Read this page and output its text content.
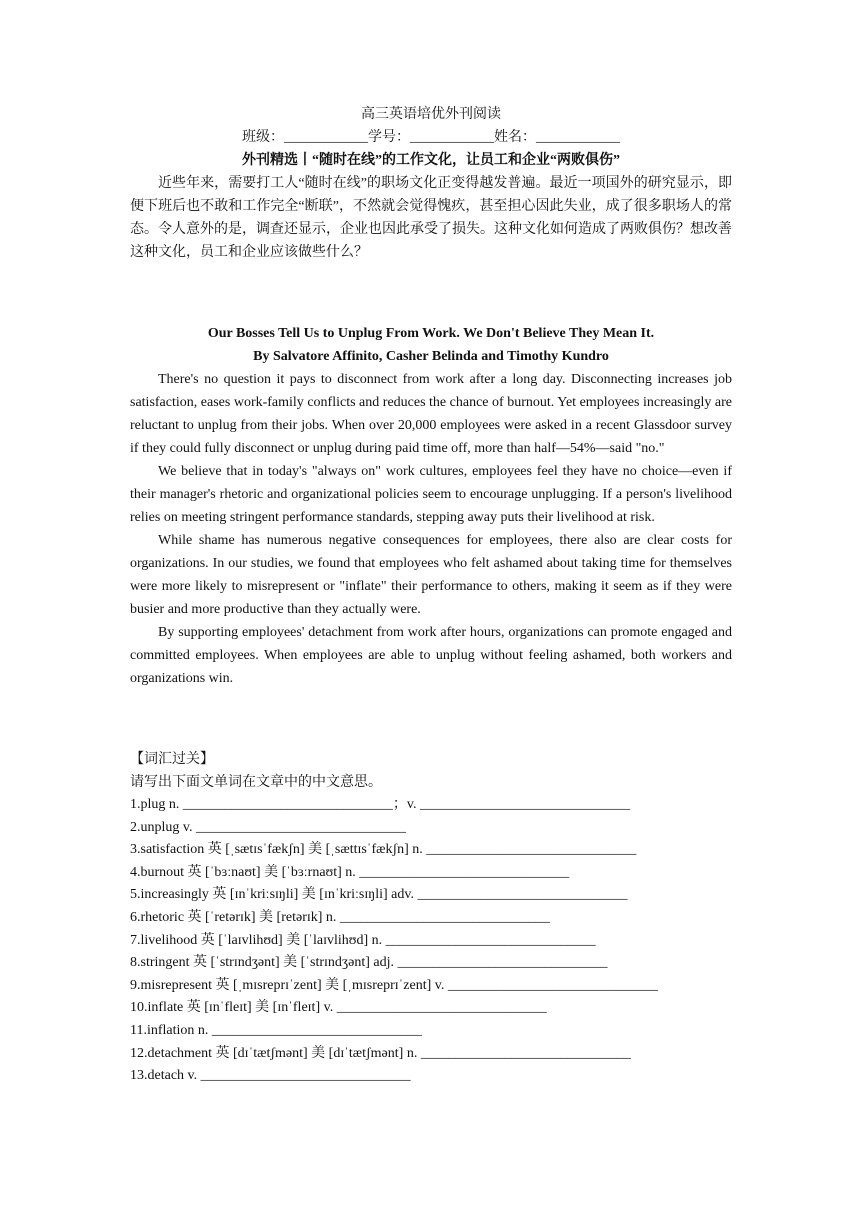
高三英语培优外刊阅读
班级：____________学号：____________姓名：____________
外刊精选丨“随时在线”的工作文化，让员工和企业“两败俱伤”
近些年来，需要打工人“随时在线”的职场文化正变得越发普遍。最近一项国外的研究显示，即便下班后也不敢和工作完全“断联”，不然就会觉得愧疚，甚至担心因此失业，成了很多职场人的常态。令人意外的是，调查还显示，企业也因此承受了损失。这种文化如何造成了两败俱伤？想改善这种文化，员工和企业应该做些什么？
Our Bosses Tell Us to Unplug From Work. We Don't Believe They Mean It.
By Salvatore Affinito, Casher Belinda and Timothy Kundro
There's no question it pays to disconnect from work after a long day. Disconnecting increases job satisfaction, eases work-family conflicts and reduces the chance of burnout. Yet employees increasingly are reluctant to unplug from their jobs. When over 20,000 employees were asked in a recent Glassdoor survey if they could fully disconnect or unplug during paid time off, more than half—54%—said "no."
We believe that in today's "always on" work cultures, employees feel they have no choice—even if their manager's rhetoric and organizational policies seem to encourage unplugging. If a person's livelihood relies on meeting stringent performance standards, stepping away puts their livelihood at risk.
While shame has numerous negative consequences for employees, there also are clear costs for organizations. In our studies, we found that employees who felt ashamed about taking time for themselves were more likely to misrepresent or "inflate" their performance to others, making it seem as if they were busier and more productive than they actually were.
By supporting employees' detachment from work after hours, organizations can promote engaged and committed employees. When employees are able to unplug without feeling ashamed, both workers and organizations win.
【词汇过关】
请写出下面文单词在文章中的中文意思。
1.plug n. ______________________________；v. ______________________________
2.unplug v. ______________________________
3.satisfaction 英 [ˌsætɪsˈfækʃn] 美 [ˌsættɪsˈfækʃn] n. ______________________________
4.burnout 英 [ˈbɜːnaʊt] 美 [ˈbɜːrnaʊt] n. ______________________________
5.increasingly 英 [ɪnˈkriːsɪŋli] 美 [ɪnˈkriːsɪŋli] adv. ______________________________
6.rhetoric 英 [ˈretərɪk] 美 [retərɪk] n. ______________________________
7.livelihood 英 [ˈlaɪvlihʊd] 美 [ˈlaɪvlihʊd] n. ______________________________
8.stringent 英 [ˈstrɪndʒənt] 美 [ˈstrɪndʒənt] adj. ______________________________
9.misrepresent 英 [ˌmɪsreprɪˈzent] 美 [ˌmɪsreprɪˈzent] v. ______________________________
10.inflate 英 [ɪnˈfleɪt] 美 [ɪnˈfleɪt] v. ______________________________
11.inflation n. ______________________________
12.detachment 英 [dɪˈtætʃmənt] 美 [dɪˈtætʃmənt] n. ______________________________
13.detach v. ______________________________
